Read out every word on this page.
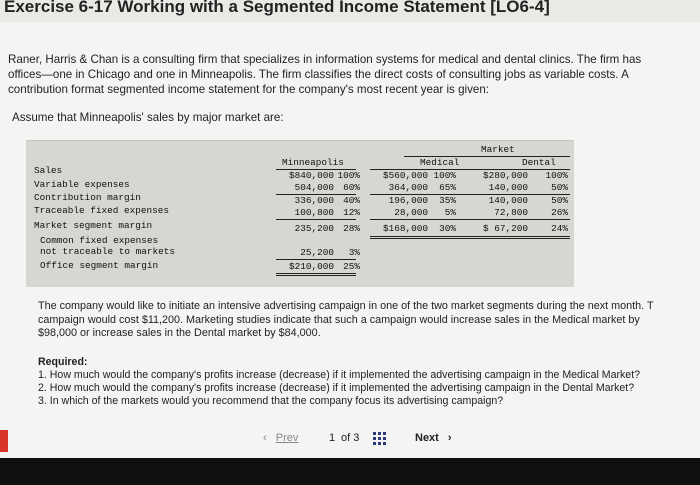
Exercise 6-17 Working with a Segmented Income Statement [LO6-4]
Raner, Harris & Chan is a consulting firm that specializes in information systems for medical and dental clinics. The firm has
offices—one in Chicago and one in Minneapolis. The firm classifies the direct costs of consulting jobs as variable costs. A
contribution format segmented income statement for the company's most recent year is given:
Assume that Minneapolis' sales by major market are:
Market
Minneapolis	Medical	Dental
Sales	$840,000 100%	$560,000 100%	$280,000	100%
Variable expenses	504,000 60%	364,000	65%	140,000	50%
Contribution margin	336,000 40%	196,000	35%	140,000	50%
Traceable fixed expenses	100,800 12%	28,000	5%	72,800	26%
Market segment margin	235,200 28%	$168,000	30%	$ 67,200	24%
Common fixed expenses
not traceable to markets	25,200	3%
Office segment margin	$210,000 25%
The company would like to initiate an intensive advertising campaign in one of the two market segments during the next month. T
campaign would cost $11,200. Marketing studies indicate that such a campaign would increase sales in the Medical market by
$98,000 or increase sales in the Dental market by $84,000.
Required:
1. How much would the company's profits increase (decrease) if it implemented the advertising campaign in the Medical Market?
2. How much would the company's profits increase (decrease) if it implemented the advertising campaign in the Dental Market?
3. In which of the markets would you recommend that the company focus its advertising campaign?
‹ Prev	1 of 3	Next ›
